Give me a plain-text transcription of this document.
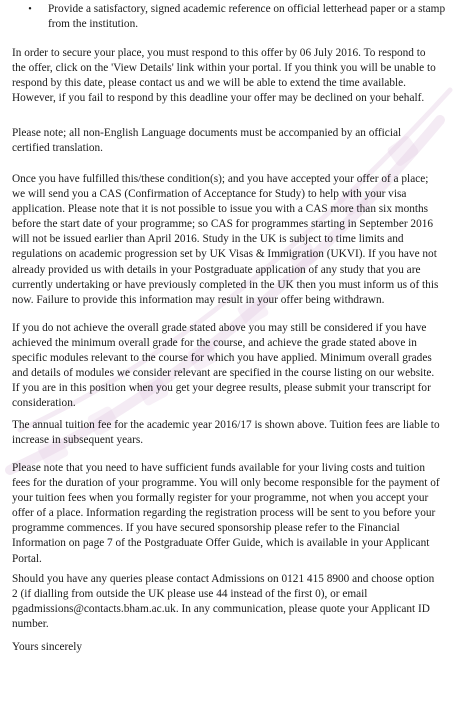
•	Provide a satisfactory, signed academic reference on official letterhead paper or a stamp from the institution.

In order to secure your place, you must respond to this offer by 06 July 2016. To respond to the offer, click on the 'View Details' link within your portal. If you think you will be unable to respond by this date, please contact us and we will be able to extend the time available. However, if you fail to respond by this deadline your offer may be declined on your behalf.

Please note; all non-English Language documents must be accompanied by an official certified translation.

Once you have fulfilled this/these condition(s); and you have accepted your offer of a place; we will send you a CAS (Confirmation of Acceptance for Study) to help with your visa application. Please note that it is not possible to issue you with a CAS more than six months before the start date of your programme; so CAS for programmes starting in September 2016 will not be issued earlier than April 2016. Study in the UK is subject to time limits and regulations on academic progression set by UK Visas & Immigration (UKVI). If you have not already provided us with details in your Postgraduate application of any study that you are currently undertaking or have previously completed in the UK then you must inform us of this now. Failure to provide this information may result in your offer being withdrawn.

If you do not achieve the overall grade stated above you may still be considered if you have achieved the minimum overall grade for the course, and achieve the grade stated above in specific modules relevant to the course for which you have applied. Minimum overall grades and details of modules we consider relevant are specified in the course listing on our website. If you are in this position when you get your degree results, please submit your transcript for consideration.

The annual tuition fee for the academic year 2016/17 is shown above. Tuition fees are liable to increase in subsequent years.

Please note that you need to have sufficient funds available for your living costs and tuition fees for the duration of your programme. You will only become responsible for the payment of your tuition fees when you formally register for your programme, not when you accept your offer of a place. Information regarding the registration process will be sent to you before your programme commences. If you have secured sponsorship please refer to the Financial Information on page 7 of the Postgraduate Offer Guide, which is available in your Applicant Portal.

Should you have any queries please contact Admissions on 0121 415 8900 and choose option 2 (if dialling from outside the UK please use 44 instead of the first 0), or email pgadmissions@contacts.bham.ac.uk. In any communication, please quote your Applicant ID number.

Yours sincerely
